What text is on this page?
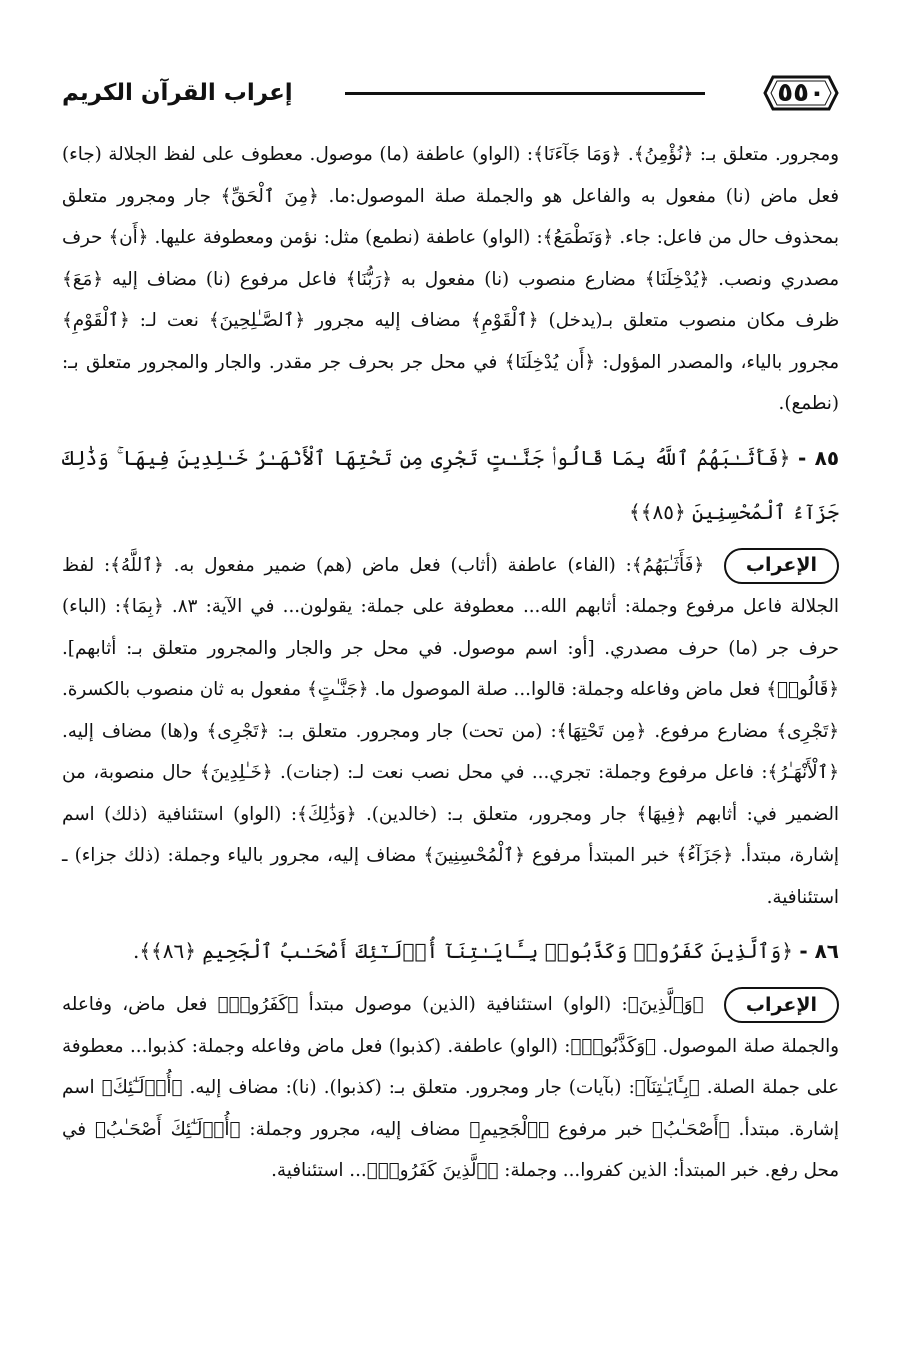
٥٥٠
إعراب القرآن الكريم

ومجرور. متعلق بـ: ﴿نُؤْمِنُ﴾. ﴿وَمَا جَآءَنَا﴾: (الواو) عاطفة (ما) موصول. معطوف على لفظ الجلالة (جاء) فعل ماض (نا) مفعول به والفاعل هو والجملة صلة الموصول:ما. ﴿مِنَ ٱلْحَقِّ﴾ جار ومجرور متعلق بمحذوف حال من فاعل: جاء. ﴿وَنَطْمَعُ﴾: (الواو) عاطفة (نطمع) مثل: نؤمن ومعطوفة عليها. ﴿أَن﴾ حرف مصدري ونصب. ﴿يُدْخِلَنَا﴾ مضارع منصوب (نا) مفعول به ﴿رَبُّنَا﴾ فاعل مرفوع (نا) مضاف إليه ﴿مَعَ﴾ ظرف مكان منصوب متعلق بـ(يدخل) ﴿ٱلْقَوْمِ﴾ مضاف إليه مجرور ﴿ٱلصَّـٰلِحِينَ﴾ نعت لـ: ﴿ٱلْقَوْمِ﴾ مجرور بالياء، والمصدر المؤول: ﴿أَن يُدْخِلَنَا﴾ في محل جر بحرف جر مقدر. والجار والمجرور متعلق بـ: (نطمع).

٨٥ - ﴿فَأَثَـٰبَهُمُ ٱللَّهُ بِمَا قَالُوا۟ جَنَّـٰتٍ تَجْرِى مِن تَحْتِهَا ٱلْأَنْهَـٰرُ خَـٰلِدِينَ فِيهَا ۚ وَذَٰلِكَ جَزَآءُ ٱلْمُحْسِنِينَ ﴿٨٥﴾﴾

الإعراب ﴿فَأَثَـٰبَهُمُ﴾: (الفاء) عاطفة (أثاب) فعل ماض (هم) ضمير مفعول به. ﴿ٱللَّهُ﴾: لفظ الجلالة فاعل مرفوع وجملة: أثابهم الله... معطوفة على جملة: يقولون... في الآية: ٨٣. ﴿بِمَا﴾: (الباء) حرف جر (ما) حرف مصدري. [أو: اسم موصول. في محل جر والجار والمجرور متعلق بـ: أثابهم]. ﴿قَالُوا۟﴾ فعل ماض وفاعله وجملة: قالوا... صلة الموصول ما. ﴿جَنَّـٰتٍ﴾ مفعول به ثان منصوب بالكسرة. ﴿تَجْرِى﴾ مضارع مرفوع. ﴿مِن تَحْتِهَا﴾: (من تحت) جار ومجرور. متعلق بـ: ﴿تَجْرِى﴾ و(ها) مضاف إليه. ﴿ٱلْأَنْهَـٰرُ﴾: فاعل مرفوع وجملة: تجري... في محل نصب نعت لـ: (جنات). ﴿خَـٰلِدِينَ﴾ حال منصوبة، من الضمير في: أثابهم ﴿فِيهَا﴾ جار ومجرور، متعلق بـ: (خالدين). ﴿وَذَٰلِكَ﴾: (الواو) استئنافية (ذلك) اسم إشارة، مبتدأ. ﴿جَزَآءُ﴾ خبر المبتدأ مرفوع ﴿ٱلْمُحْسِنِينَ﴾ مضاف إليه، مجرور بالياء وجملة: (ذلك جزاء) ـ استئنافية.

٨٦ - ﴿وَٱلَّذِينَ كَفَرُوا۟ وَكَذَّبُوا۟ بِـَٔايَـٰتِنَآ أُو۟لَـٰٓئِكَ أَصْحَـٰبُ ٱلْجَحِيمِ ﴿٨٦﴾﴾.

الإعراب ﴿وَٱلَّذِينَ﴾: (الواو) استئنافية (الذين) موصول مبتدأ ﴿كَفَرُوا۟﴾ فعل ماض، وفاعله والجملة صلة الموصول. ﴿وَكَذَّبُوا۟﴾: (الواو) عاطفة. (كذبوا) فعل ماض وفاعله وجملة: كذبوا... معطوفة على جملة الصلة. ﴿بِـَٔايَـٰتِنَآ﴾: (بآيات) جار ومجرور. متعلق بـ: (كذبوا). (نا): مضاف إليه. ﴿أُو۟لَـٰٓئِكَ﴾ اسم إشارة. مبتدأ. ﴿أَصْحَـٰبُ﴾ خبر مرفوع ﴿ٱلْجَحِيمِ﴾ مضاف إليه، مجرور وجملة: ﴿أُو۟لَـٰٓئِكَ أَصْحَـٰبُ﴾ في محل رفع. خبر المبتدأ: الذين كفروا... وجملة: ﴿ٱلَّذِينَ كَفَرُوا۟﴾... استئنافية.
